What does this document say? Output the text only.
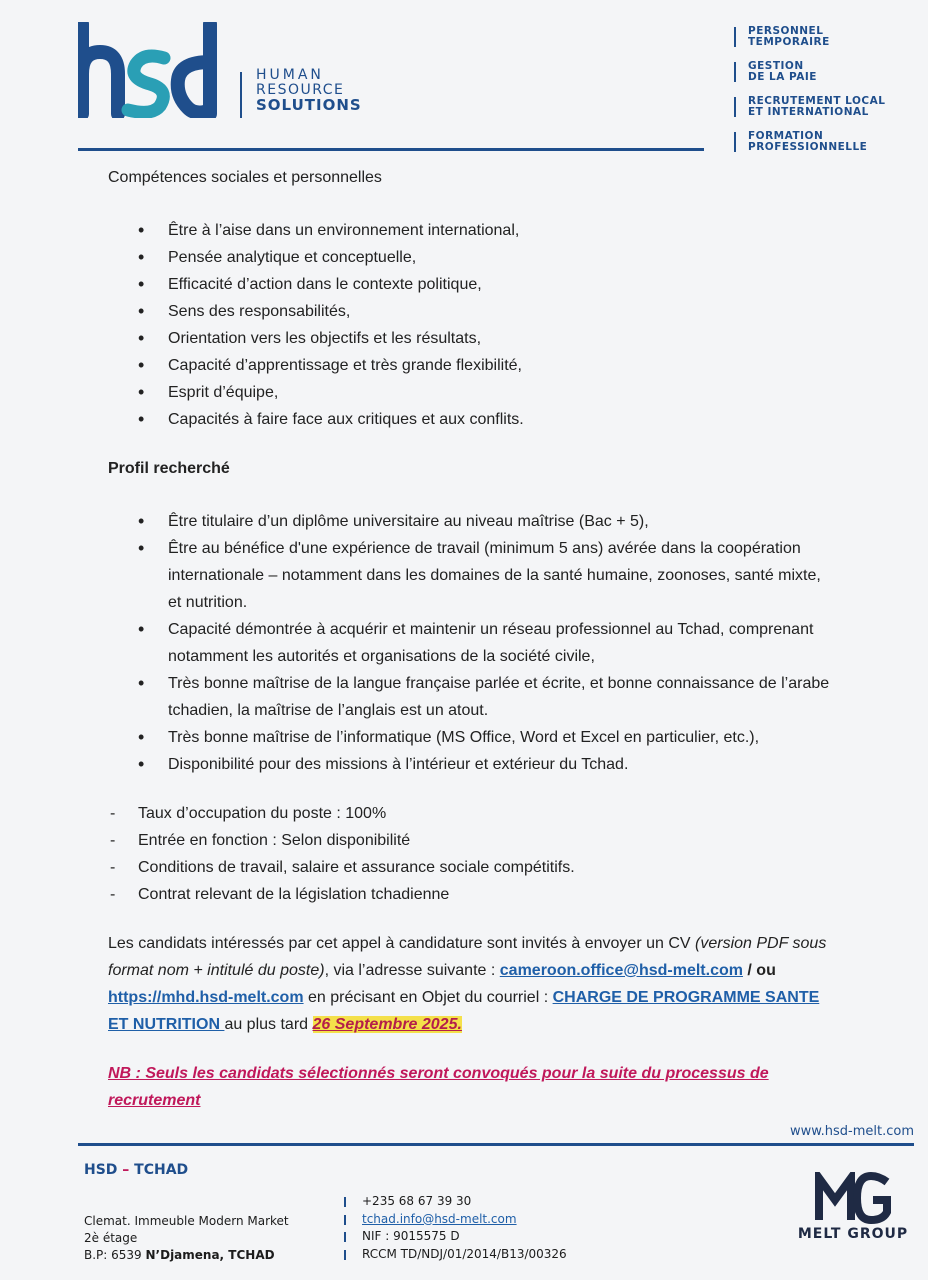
HUMAN
RESOURCE
SOLUTIONS
PERSONNEL
TEMPORAIRE
GESTION
DE LA PAIE
RECRUTEMENT LOCAL
ET INTERNATIONAL
FORMATION
PROFESSIONNELLE

Compétences sociales et personnelles

• Être à l’aise dans un environnement international,
• Pensée analytique et conceptuelle,
• Efficacité d’action dans le contexte politique,
• Sens des responsabilités,
• Orientation vers les objectifs et les résultats,
• Capacité d’apprentissage et très grande flexibilité,
• Esprit d’équipe,
• Capacités à faire face aux critiques et aux conflits.

Profil recherché

• Être titulaire d’un diplôme universitaire au niveau maîtrise (Bac + 5),
• Être au bénéfice d'une expérience de travail (minimum 5 ans) avérée dans la coopération internationale – notamment dans les domaines de la santé humaine, zoonoses, santé mixte, et nutrition.
• Capacité démontrée à acquérir et maintenir un réseau professionnel au Tchad, comprenant notamment les autorités et organisations de la société civile,
• Très bonne maîtrise de la langue française parlée et écrite, et bonne connaissance de l’arabe tchadien, la maîtrise de l’anglais est un atout.
• Très bonne maîtrise de l’informatique (MS Office, Word et Excel en particulier, etc.),
• Disponibilité pour des missions à l’intérieur et extérieur du Tchad.
- Taux d’occupation du poste : 100%
- Entrée en fonction : Selon disponibilité
- Conditions de travail, salaire et assurance sociale compétitifs.
- Contrat relevant de la législation tchadienne

Les candidats intéressés par cet appel à candidature sont invités à envoyer un CV (version PDF sous format nom + intitulé du poste), via l’adresse suivante : cameroon.office@hsd-melt.com / ou https://mhd.hsd-melt.com en précisant en Objet du courriel : CHARGE DE PROGRAMME SANTE ET NUTRITION au plus tard 26 Septembre 2025.

NB : Seuls les candidats sélectionnés seront convoqués pour la suite du processus de recrutement

www.hsd-melt.com
HSD – TCHAD
Clemat. Immeuble Modern Market
2è étage
B.P: 6539 N’Djamena, TCHAD
+235 68 67 39 30
tchad.info@hsd-melt.com
NIF : 9015575 D
RCCM TD/NDJ/01/2014/B13/00326
MELT GROUP
